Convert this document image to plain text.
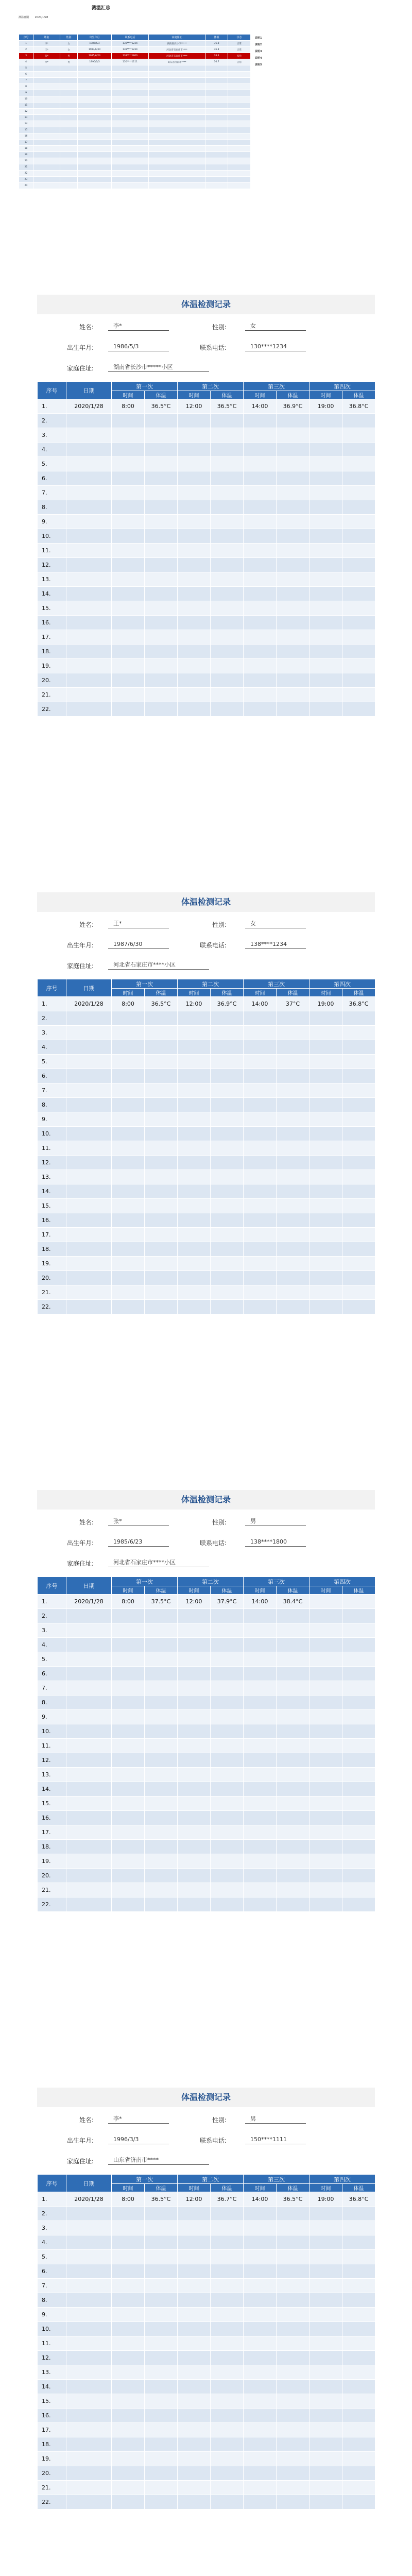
测温汇总
测温日期 2020/1/28
序号	姓名	性别	出生年月	联系电话	家庭住址	体温	状态
1	李*	女	1986/5/3	130****1234	湖南省长沙市*****	36.8	正常
2	王*	女	1987/6/30	138****1234	河北省石家庄市****	36.8	正常
3	张*	男	1985/6/23	138****1800	河北省石家庄市****	38.4	发热
4	李*	男	1996/3/3	150****1111	山东省济南市****	36.7	正常
5							
6							
7							
8							
9							
10							
11							
12							
13							
14							
15							
16							
17							
18							
19							
20							
21							
22							
23							
24							
说明1
说明2
说明3
说明4
说明5
体温检测记录
姓名:	李*	性别:	女
出生年月:	1986/5/3	联系电话:	130****1234
家庭住址:	湖南省长沙市*****小区
序号	日期	第一次		第二次		第三次		第四次	
		时间	体温	时间	体温	时间	体温	时间	体温
1.	2020/1/28	8:00	36.5°C	12:00	36.5°C	14:00	36.9°C	19:00	36.8°C
2.									
3.									
4.									
5.									
6.									
7.									
8.									
9.									
10.									
11.									
12.									
13.									
14.									
15.									
16.									
17.									
18.									
19.									
20.									
21.									
22.									
体温检测记录
姓名:	王*	性别:	女
出生年月:	1987/6/30	联系电话:	138****1234
家庭住址:	河北省石家庄市****小区
序号	日期	第一次		第二次		第三次		第四次	
		时间	体温	时间	体温	时间	体温	时间	体温
1.	2020/1/28	8:00	36.5°C	12:00	36.9°C	14:00	37°C	19:00	36.8°C
2.									
3.									
4.									
5.									
6.									
7.									
8.									
9.									
10.									
11.									
12.									
13.									
14.									
15.									
16.									
17.									
18.									
19.									
20.									
21.									
22.									
体温检测记录
姓名:	张*	性别:	男
出生年月:	1985/6/23	联系电话:	138****1800
家庭住址:	河北省石家庄市****小区
序号	日期	第一次		第二次		第三次		第四次	
		时间	体温	时间	体温	时间	体温	时间	体温
1.	2020/1/28	8:00	37.5°C	12:00	37.9°C	14:00	38.4°C		
2.									
3.									
4.									
5.									
6.									
7.									
8.									
9.									
10.									
11.									
12.									
13.									
14.									
15.									
16.									
17.									
18.									
19.									
20.									
21.									
22.									
体温检测记录
姓名:	李*	性别:	男
出生年月:	1996/3/3	联系电话:	150****1111
家庭住址:	山东省济南市****
序号	日期	第一次		第二次		第三次		第四次	
		时间	体温	时间	体温	时间	体温	时间	体温
1.	2020/1/28	8:00	36.5°C	12:00	36.7°C	14:00	36.5°C	19:00	36.8°C
2.									
3.									
4.									
5.									
6.									
7.									
8.									
9.									
10.									
11.									
12.									
13.									
14.									
15.									
16.									
17.									
18.									
19.									
20.									
21.									
22.									
